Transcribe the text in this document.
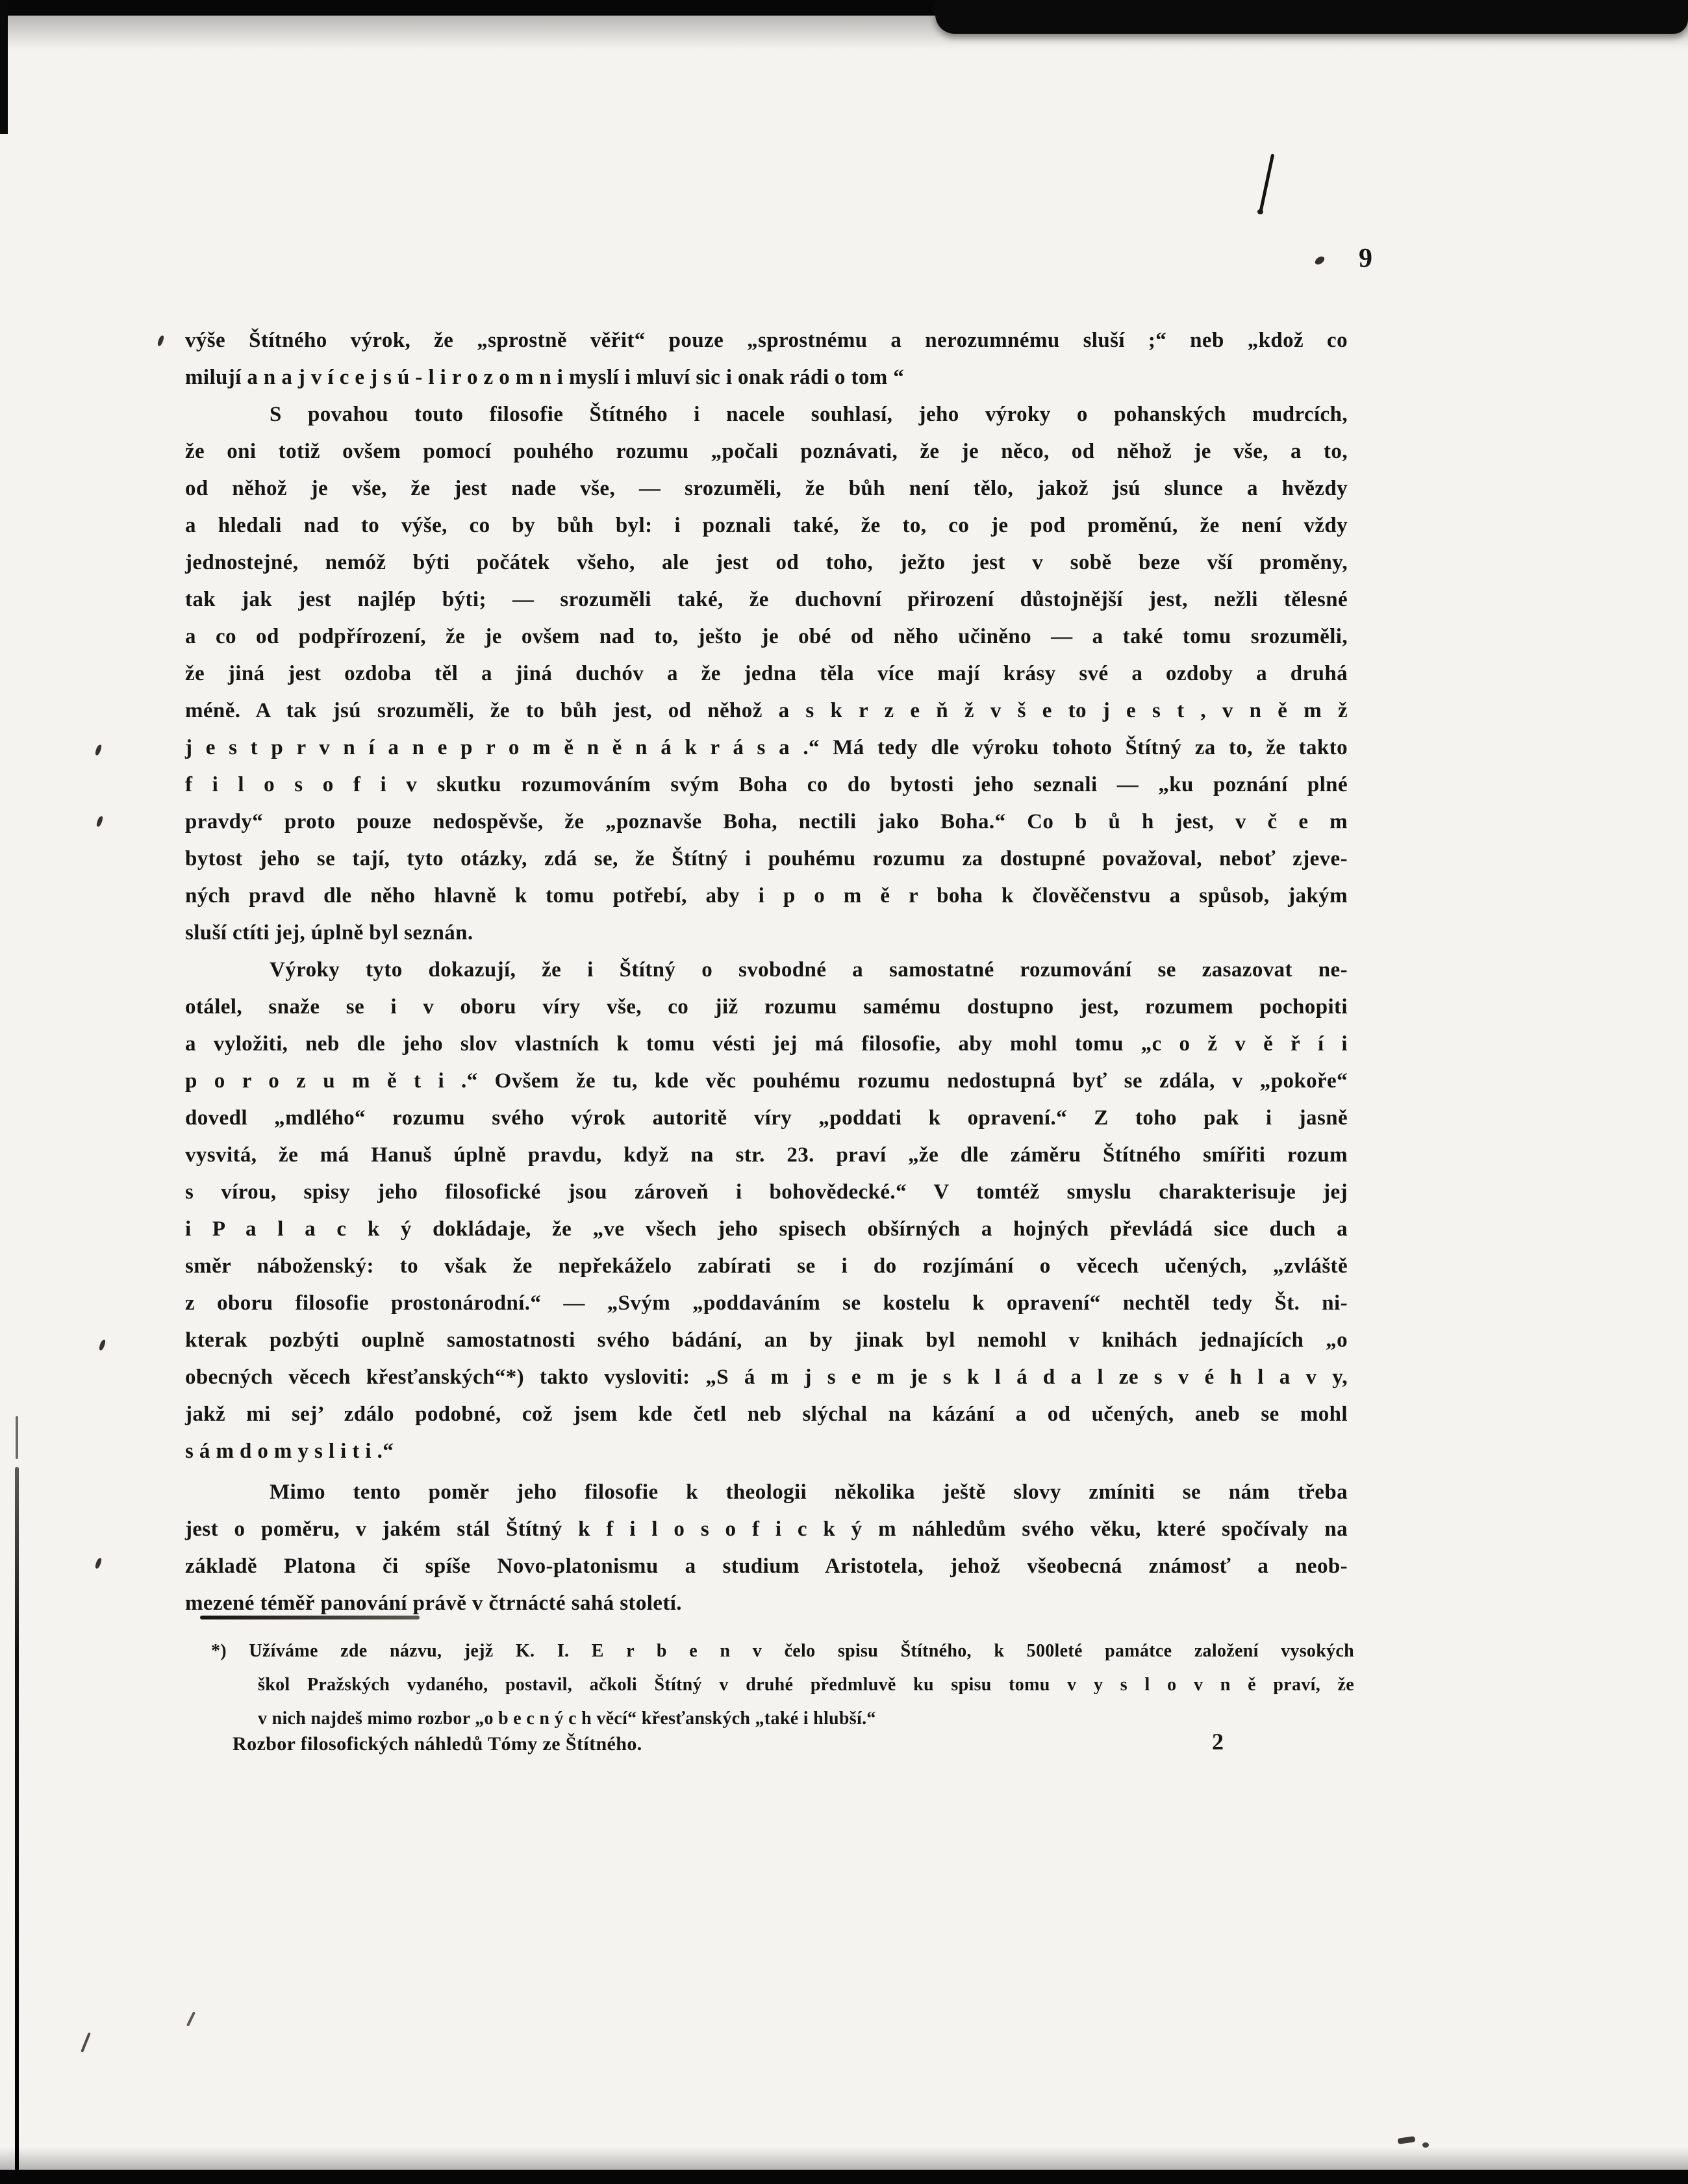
9
výše Štítného výrok, že „sprostně věřit“ pouze „sprostnému a nerozumnému sluší ;“ neb „kdož co
milují a n a j v í c e j s ú - l i r o z o m n i myslí i mluví sic i onak rádi o tom “
S povahou touto filosofie Štítného i nacele souhlasí, jeho výroky o pohanských mudrcích,
že oni totiž ovšem pomocí pouhého rozumu „počali poznávati, že je něco, od něhož je vše, a to,
od něhož je vše, že jest nade vše, — srozuměli, že bůh není tělo, jakož jsú slunce a hvězdy
a hledali nad to výše, co by bůh byl: i poznali také, že to, co je pod proměnú, že není vždy
jednostejné, nemóž býti počátek všeho, ale jest od toho, ježto jest v sobě beze vší proměny,
tak jak jest najlép býti; — srozuměli také, že duchovní přirození důstojnější jest, nežli tělesné
a co od podpřírození, že je ovšem nad to, ješto je obé od něho učiněno — a také tomu srozuměli,
že jiná jest ozdoba těl a jiná duchóv a že jedna těla více mají krásy své a ozdoby a druhá
méně. A tak jsú srozuměli, že to bůh jest, od něhož a s k r z e ň ž v š e to j e s t , v n ě m ž
j e s t p r v n í a n e p r o m ě n ě n á k r á s a .“ Má tedy dle výroku tohoto Štítný za to, že takto
f i l o s o f i v skutku rozumováním svým Boha co do bytosti jeho seznali — „ku poznání plné
pravdy“ proto pouze nedospěvše, že „poznavše Boha, nectili jako Boha.“ Co b ů h jest, v č e m
bytost jeho se tají, tyto otázky, zdá se, že Štítný i pouhému rozumu za dostupné považoval, neboť zjeve-
ných pravd dle něho hlavně k tomu potřebí, aby i p o m ě r boha k člověčenstvu a spůsob, jakým
sluší ctíti jej, úplně byl seznán.
Výroky tyto dokazují, že i Štítný o svobodné a samostatné rozumování se zasazovat ne-
otálel, snaže se i v oboru víry vše, co již rozumu samému dostupno jest, rozumem pochopiti
a vyložiti, neb dle jeho slov vlastních k tomu vésti jej má filosofie, aby mohl tomu „c o ž v ě ř í i
p o r o z u m ě t i .“ Ovšem že tu, kde věc pouhému rozumu nedostupná byť se zdála, v „pokoře“
dovedl „mdlého“ rozumu svého výrok autoritě víry „poddati k opravení.“ Z toho pak i jasně
vysvitá, že má Hanuš úplně pravdu, když na str. 23. praví „že dle záměru Štítného smířiti rozum
s vírou, spisy jeho filosofické jsou zároveň i bohovědecké.“ V tomtéž smyslu charakterisuje jej
i P a l a c k ý dokládaje, že „ve všech jeho spisech obšírných a hojných převládá sice duch a
směr náboženský: to však že nepřekáželo zabírati se i do rozjímání o věcech učených, „zvláště
z oboru filosofie prostonárodní.“ — „Svým „poddaváním se kostelu k opravení“ nechtěl tedy Št. ni-
kterak pozbýti ouplně samostatnosti svého bádání, an by jinak byl nemohl v knihách jednajících „o
obecných věcech křesťanských“*) takto vysloviti: „S á m j s e m je s k l á d a l ze s v é h l a v y,
jakž mi sej’ zdálo podobné, což jsem kde četl neb slýchal na kázání a od učených, aneb se mohl
s á m d o m y s l i t i .“
Mimo tento poměr jeho filosofie k theologii několika ještě slovy zmíniti se nám třeba
jest o poměru, v jakém stál Štítný k f i l o s o f i c k ý m náhledům svého věku, které spočívaly na
základě Platona či spíše Novo-platonismu a studium Aristotela, jehož všeobecná známosť a neob-
mezené téměř panování právě v čtrnácté sahá století.
*) Užíváme zde názvu, jejž K. I. E r b e n v čelo spisu Štítného, k 500leté památce založení vysokých
škol Pražských vydaného, postavil, ačkoli Štítný v druhé předmluvě ku spisu tomu v y s l o v n ě praví, že
v nich najdeš mimo rozbor „o b e c n ý c h věcí“ křesťanských „také i hlubší.“
Rozbor filosofických náhledů Tómy ze Štítného.	2
